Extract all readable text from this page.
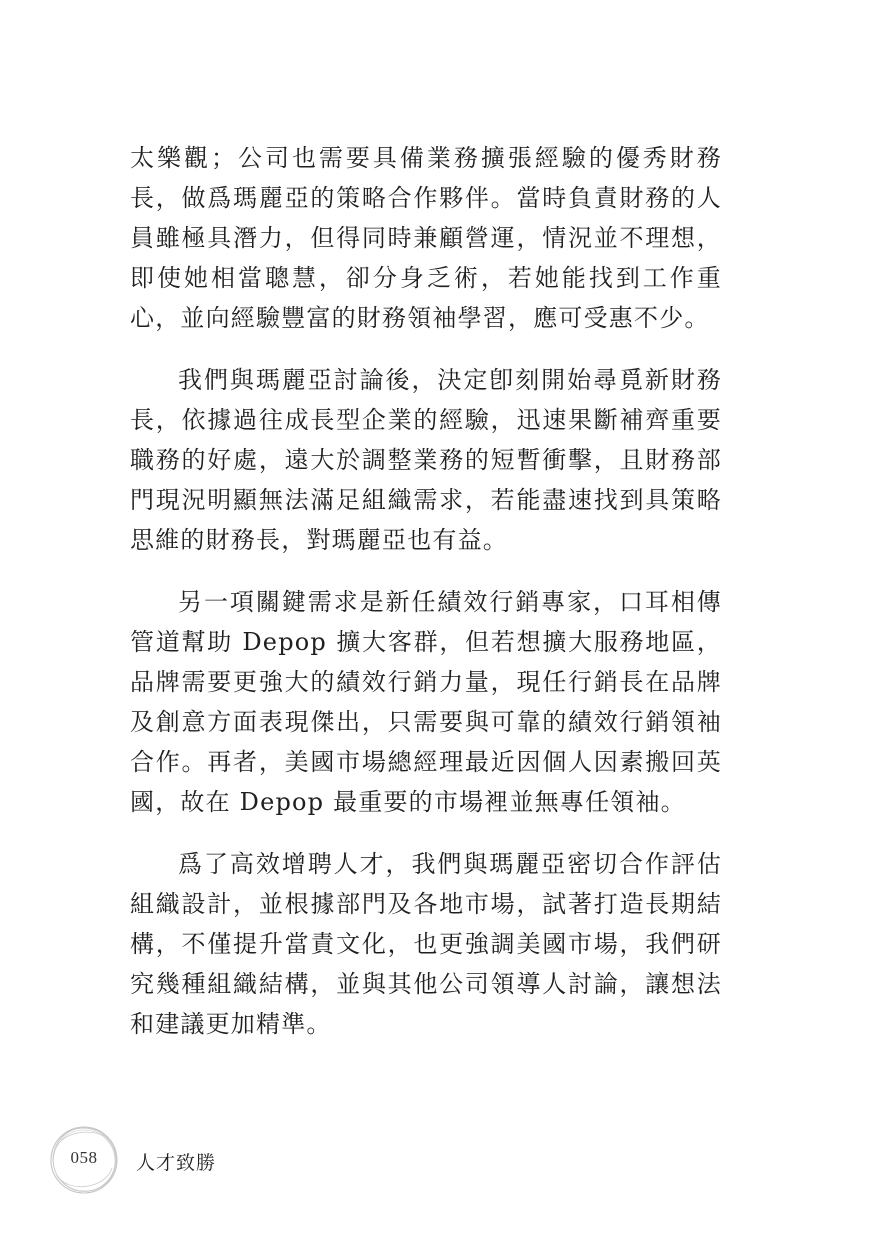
太樂觀；公司也需要具備業務擴張經驗的優秀財務長，做爲瑪麗亞的策略合作夥伴。當時負責財務的人員雖極具潛力，但得同時兼顧營運，情況並不理想，即使她相當聰慧，卻分身乏術，若她能找到工作重心，並向經驗豐富的財務領袖學習，應可受惠不少。

我們與瑪麗亞討論後，決定卽刻開始尋覓新財務長，依據過往成長型企業的經驗，迅速果斷補齊重要職務的好處，遠大於調整業務的短暫衝擊，且財務部門現況明顯無法滿足組織需求，若能盡速找到具策略思維的財務長，對瑪麗亞也有益。

另一項關鍵需求是新任績效行銷專家，口耳相傳管道幫助 Depop 擴大客群，但若想擴大服務地區，品牌需要更強大的績效行銷力量，現任行銷長在品牌及創意方面表現傑出，只需要與可靠的績效行銷領袖合作。再者，美國市場總經理最近因個人因素搬回英國，故在 Depop 最重要的市場裡並無專任領袖。

爲了高效增聘人才，我們與瑪麗亞密切合作評估組織設計，並根據部門及各地市場，試著打造長期結構，不僅提升當責文化，也更強調美國市場，我們研究幾種組織結構，並與其他公司領導人討論，讓想法和建議更加精準。

058	人才致勝
